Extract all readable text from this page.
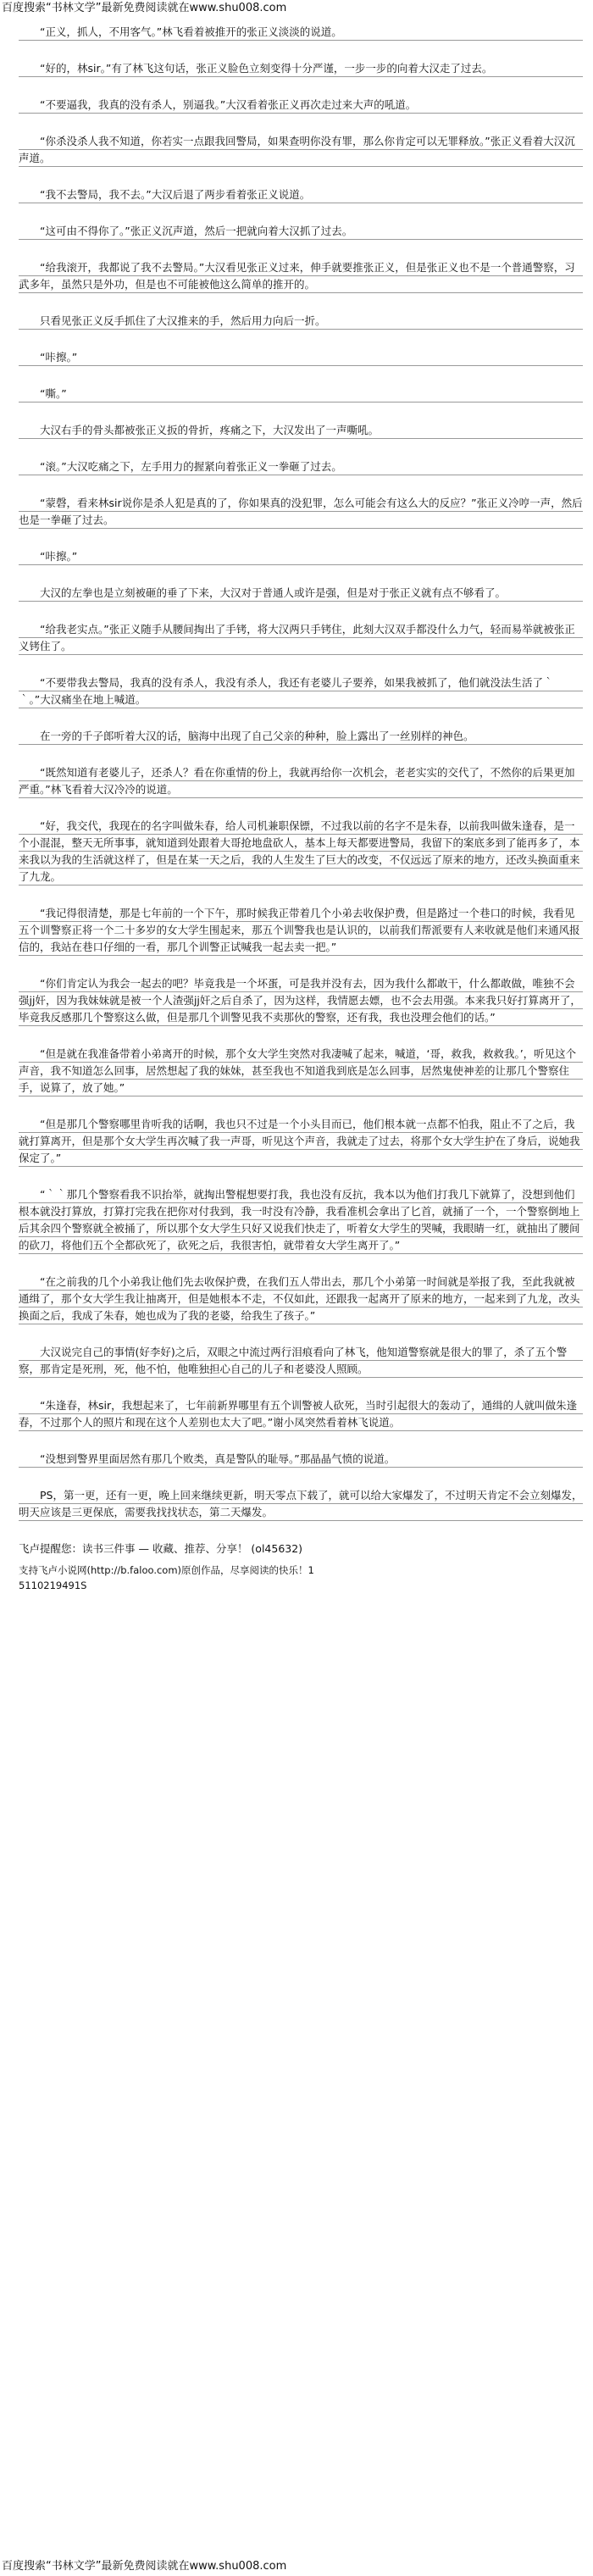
百度搜索“书林文学”最新免费阅读就在www.shu008.com

“正义，抓人，不用客气。”林飞看着被推开的张正义淡淡的说道。

“好的，林sir。”有了林飞这句话，张正义脸色立刻变得十分严谨，一步一步的向着大汉走了过去。

“不要逼我，我真的没有杀人，别逼我。”大汉看着张正义再次走过来大声的吼道。

“你杀没杀人我不知道，你若实一点跟我回警局，如果查明你没有罪，那么你肯定可以无罪释放。”张正义看着大汉沉声道。

“我不去警局，我不去。”大汉后退了两步看着张正义说道。

“这可由不得你了。”张正义沉声道，然后一把就向着大汉抓了过去。

“给我滚开，我都说了我不去警局。”大汉看见张正义过来，伸手就要推张正义，但是张正义也不是一个普通警察，习武多年，虽然只是外功，但是也不可能被他这么简单的推开的。

只看见张正义反手抓住了大汉推来的手，然后用力向后一折。

“咔擦。”

“嘶。”

大汉右手的骨头都被张正义扳的骨折，疼痛之下，大汉发出了一声嘶吼。

“滚。”大汉吃痛之下，左手用力的握紧向着张正义一拳砸了过去。

“蒙磬，看来林sir说你是杀人犯是真的了，你如果真的没犯罪，怎么可能会有这么大的反应？”张正义冷哼一声，然后也是一拳砸了过去。

“咔擦。”

大汉的左拳也是立刻被砸的垂了下来，大汉对于普通人或许是强，但是对于张正义就有点不够看了。

“给我老实点。”张正义随手从腰间掏出了手铐，将大汉两只手铐住，此刻大汉双手都没什么力气，轻而易举就被张正义铐住了。

“不要带我去警局，我真的没有杀人，我没有杀人，我还有老婆儿子要养，如果我被抓了，他们就没法生活了｀｀。”大汉痛坐在地上喊道。

在一旁的千子郎听着大汉的话，脑海中出现了自己父亲的种种，脸上露出了一丝别样的神色。

“既然知道有老婆儿子，还杀人？看在你重情的份上，我就再给你一次机会，老老实实的交代了，不然你的后果更加严重。”林飞看着大汉冷冷的说道。

“好，我交代，我现在的名字叫做朱春，给人司机兼职保镖，不过我以前的名字不是朱春，以前我叫做朱逢春，是一个小混混，整天无所事事，就知道到处跟着大哥抢地盘砍人，基本上每天都要进警局，我留下的案底多到了能再多了，本来我以为我的生活就这样了，但是在某一天之后，我的人生发生了巨大的改变，不仅远远了原来的地方，还改头换面重来了九龙。

“我记得很清楚，那是七年前的一个下午，那时候我正带着几个小弟去收保护费，但是路过一个巷口的时候，我看见五个训警察正将一个二十多岁的女大学生围起来，那五个训警我也是认识的，以前我们帮派要有人来收就是他们来通风报信的，我站在巷口仔细的一看，那几个训警正试喊我一起去卖一把。”

“你们肯定认为我会一起去的吧？毕竟我是一个坏蛋，可是我并没有去，因为我什么都敢干，什么都敢做，唯独不会强jj奸，因为我妹妹就是被一个人渣强jj奸之后自杀了，因为这样，我情愿去嫖，也不会去用强。本来我只好打算离开了，毕竟我反感那几个警察这么做，但是那几个训警见我不卖那伙的警察，还有我，我也没理会他们的话。”

“但是就在我准备带着小弟离开的时候，那个女大学生突然对我凄喊了起来，喊道，‘哥，救我，救救我。’，听见这个声音，我不知道怎么回事，居然想起了我的妹妹，甚至我也不知道我到底是怎么回事，居然鬼使神差的让那几个警察住手，说算了，放了她。”

“但是那几个警察哪里肯听我的话啊，我也只不过是一个小头目而已，他们根本就一点都不怕我，阻止不了之后，我就打算离开，但是那个女大学生再次喊了我一声哥，听见这个声音，我就走了过去，将那个女大学生护在了身后，说她我保定了。”

“｀｀那几个警察看我不识抬举，就掏出警棍想要打我，我也没有反抗，我本以为他们打我几下就算了，没想到他们根本就没打算放，打算打完我在把你对付我到，我一时没有冷静，我看准机会拿出了匕首，就捅了一个，一个警察倒地上后其余四个警察就全被捅了，所以那个女大学生只好又说我们快走了，听着女大学生的哭喊，我眼睛一红，就抽出了腰间的砍刀，将他们五个全都砍死了，砍死之后，我很害怕，就带着女大学生离开了。”

“在之前我的几个小弟我让他们先去收保护费，在我们五人带出去，那几个小弟第一时间就是举报了我，至此我就被通缉了，那个女大学生我让抽离开，但是她根本不走，不仅如此，还跟我一起离开了原来的地方，一起来到了九龙，改头换面之后，我成了朱春，她也成为了我的老婆，给我生了孩子。”

大汉说完自己的事情(好李好)之后，双眼之中流过两行泪痕看向了林飞，他知道警察就是很大的罪了，杀了五个警察，那肯定是死刑，死，他不怕，他唯独担心自己的儿子和老婆没人照顾。

“朱逢春，林sir，我想起来了，七年前新界哪里有五个训警被人砍死，当时引起很大的轰动了，通缉的人就叫做朱逢春，不过那个人的照片和现在这个人差别也太大了吧。”谢小凤突然看着林飞说道。

“没想到警界里面居然有那几个败类，真是警队的耻辱。”那晶晶气愤的说道。

PS，第一更，还有一更，晚上回来继续更新，明天零点下载了，就可以给大家爆发了，不过明天肯定不会立刻爆发，明天应该是三更保底，需要我找找状态，第二天爆发。

飞卢提醒您：读书三件事 — 收藏、推荐、分享！ (ol45632)

支持飞卢小说网(http://b.faloo.com)原创作品，尽享阅读的快乐！1

5110219491S

百度搜索“书林文学”最新免费阅读就在www.shu008.com
